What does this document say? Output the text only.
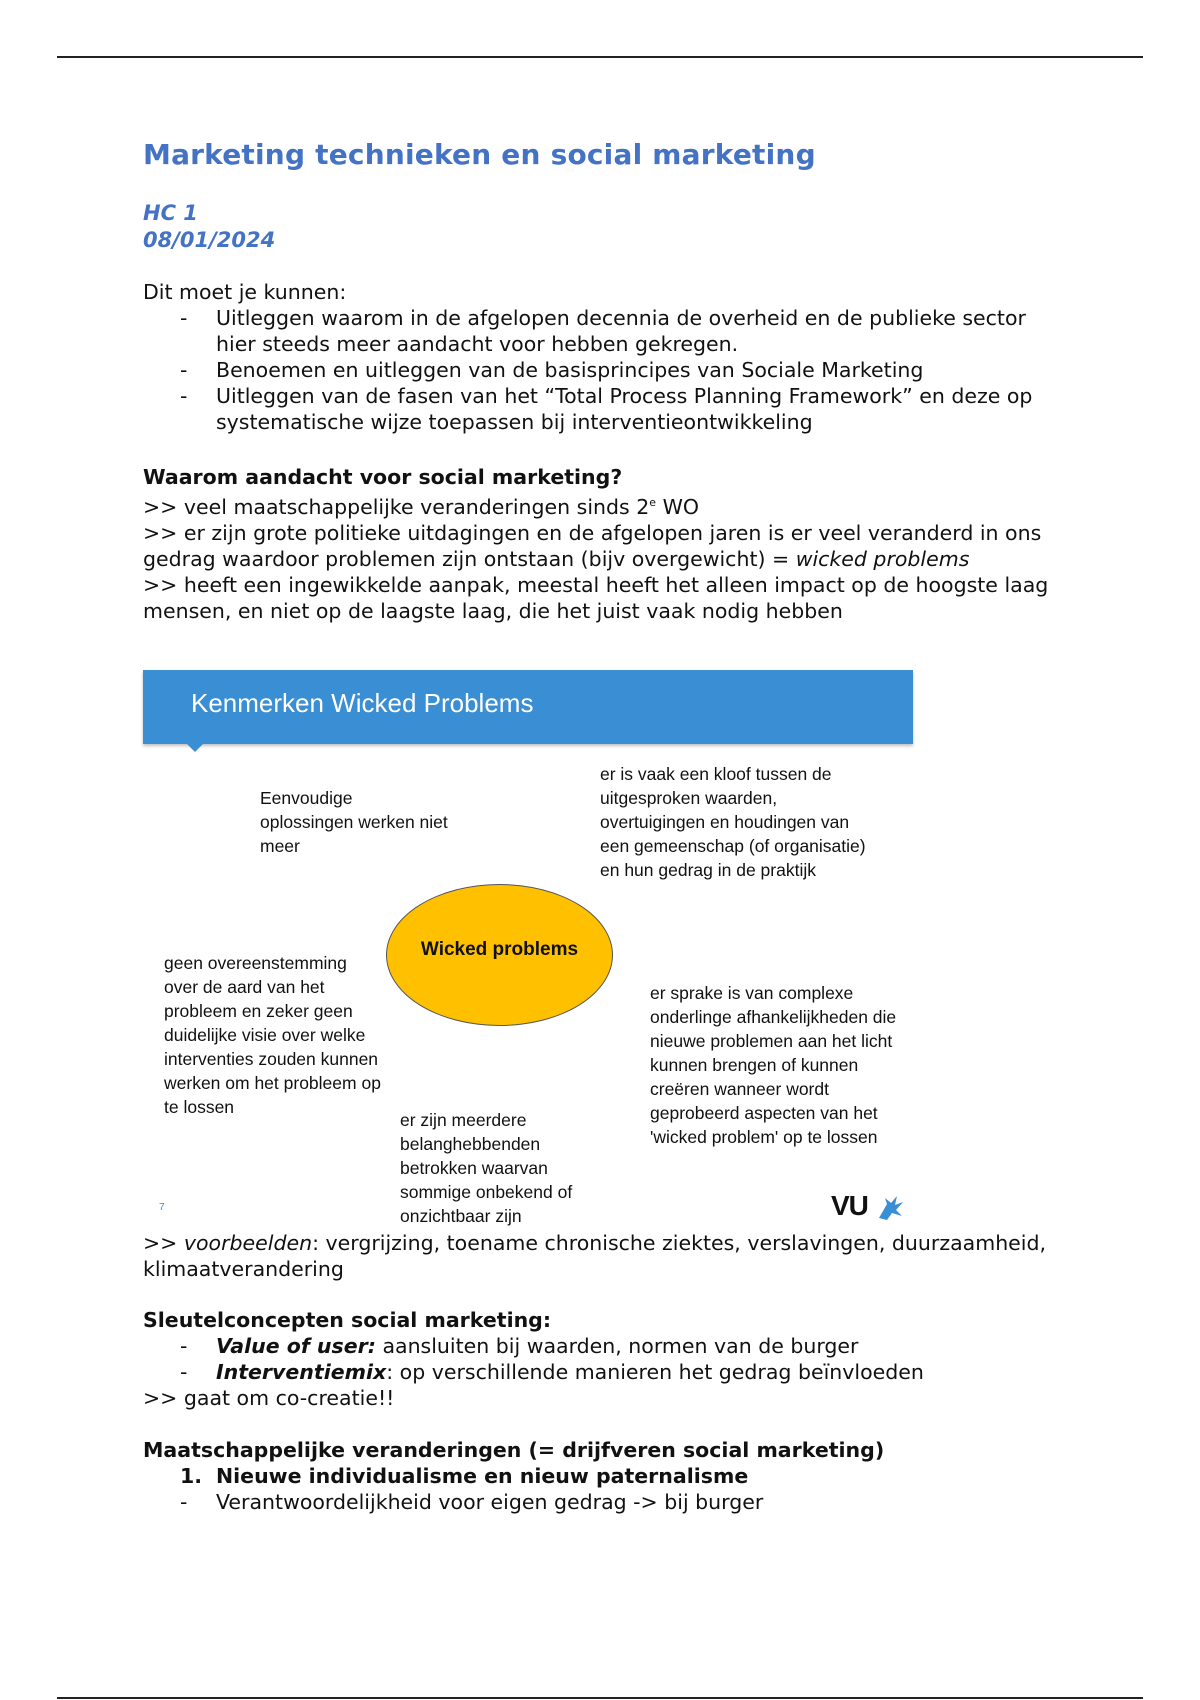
Marketing technieken en social marketing
HC 1
08/01/2024
Dit moet je kunnen:
- Uitleggen waarom in de afgelopen decennia de overheid en de publieke sector hier steeds meer aandacht voor hebben gekregen.
- Benoemen en uitleggen van de basisprincipes van Sociale Marketing
- Uitleggen van de fasen van het “Total Process Planning Framework” en deze op systematische wijze toepassen bij interventieontwikkeling
Waarom aandacht voor social marketing?
>> veel maatschappelijke veranderingen sinds 2e WO
>> er zijn grote politieke uitdagingen en de afgelopen jaren is er veel veranderd in ons gedrag waardoor problemen zijn ontstaan (bijv overgewicht) = wicked problems
>> heeft een ingewikkelde aanpak, meestal heeft het alleen impact op de hoogste laag mensen, en niet op de laagste laag, die het juist vaak nodig hebben
Kenmerken Wicked Problems
Eenvoudige oplossingen werken niet meer
er is vaak een kloof tussen de uitgesproken waarden, overtuigingen en houdingen van een gemeenschap (of organisatie) en hun gedrag in de praktijk
Wicked problems
geen overeenstemming over de aard van het probleem en zeker geen duidelijke visie over welke interventies zouden kunnen werken om het probleem op te lossen
er sprake is van complexe onderlinge afhankelijkheden die nieuwe problemen aan het licht kunnen brengen of kunnen creëren wanneer wordt geprobeerd aspecten van het 'wicked problem' op te lossen
er zijn meerdere belanghebbenden betrokken waarvan sommige onbekend of onzichtbaar zijn
7	VU
>> voorbeelden: vergrijzing, toename chronische ziektes, verslavingen, duurzaamheid, klimaatverandering
Sleutelconcepten social marketing:
- Value of user: aansluiten bij waarden, normen van de burger
- Interventiemix: op verschillende manieren het gedrag beïnvloeden
>> gaat om co-creatie!!
Maatschappelijke veranderingen (= drijfveren social marketing)
1. Nieuwe individualisme en nieuw paternalisme
- Verantwoordelijkheid voor eigen gedrag -> bij burger
